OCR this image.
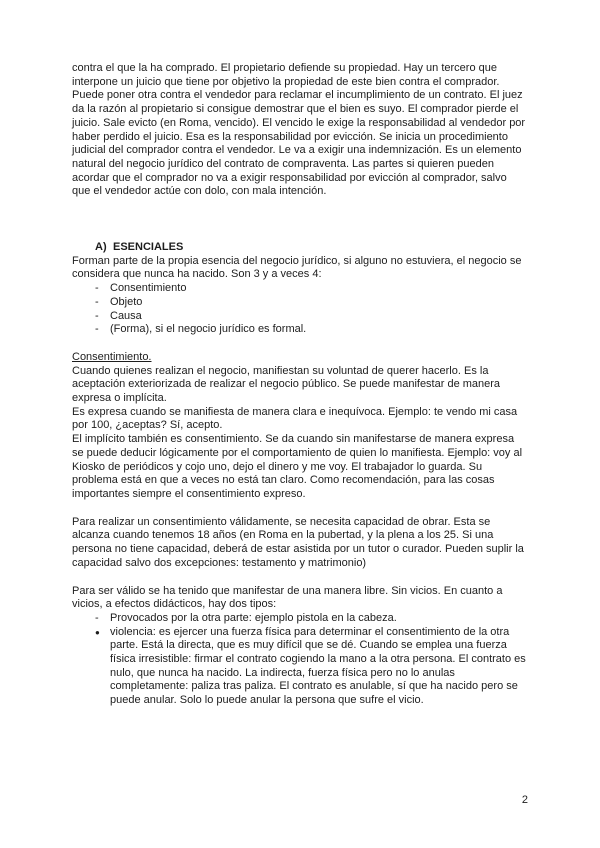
contra el que la ha comprado. El propietario defiende su propiedad. Hay un tercero que interpone un juicio que tiene por objetivo la propiedad de este bien contra el comprador. Puede poner otra contra el vendedor para reclamar el incumplimiento de un contrato. El juez da la razón al propietario si consigue demostrar que el bien es suyo. El comprador pierde el juicio. Sale evicto (en Roma, vencido). El vencido le exige la responsabilidad al vendedor por haber perdido el juicio. Esa es la responsabilidad por evicción. Se inicia un procedimiento judicial del comprador contra el vendedor. Le va a exigir una indemnización. Es un elemento natural del negocio jurídico del contrato de compraventa. Las partes si quieren pueden acordar que el comprador no va a exigir responsabilidad por evicción al comprador, salvo que el vendedor actúe con dolo, con mala intención.

A) ESENCIALES

Forman parte de la propia esencia del negocio jurídico, si alguno no estuviera, el negocio se considera que nunca ha nacido. Son 3 y a veces 4:

-	Consentimiento
-	Objeto
-	Causa
-	(Forma), si el negocio jurídico es formal.

Consentimiento.

Cuando quienes realizan el negocio, manifiestan su voluntad de querer hacerlo. Es la aceptación exteriorizada de realizar el negocio público. Se puede manifestar de manera expresa o implícita.

Es expresa cuando se manifiesta de manera clara e inequívoca. Ejemplo: te vendo mi casa por 100, ¿aceptas? Sí, acepto.

El implícito también es consentimiento. Se da cuando sin manifestarse de manera expresa se puede deducir lógicamente por el comportamiento de quien lo manifiesta. Ejemplo: voy al Kiosko de periódicos y cojo uno, dejo el dinero y me voy. El trabajador lo guarda. Su problema está en que a veces no está tan claro. Como recomendación, para las cosas importantes siempre el consentimiento expreso.

Para realizar un consentimiento válidamente, se necesita capacidad de obrar. Esta se alcanza cuando tenemos 18 años (en Roma en la pubertad, y la plena a los 25. Si una persona no tiene capacidad, deberá de estar asistida por un tutor o curador. Pueden suplir la capacidad salvo dos excepciones: testamento y matrimonio)

Para ser válido se ha tenido que manifestar de una manera libre. Sin vicios. En cuanto a vicios, a efectos didácticos, hay dos tipos:

-	Provocados por la otra parte: ejemplo pistola en la cabeza.
● violencia: es ejercer una fuerza física para determinar el consentimiento de la otra parte. Está la directa, que es muy difícil que se dé. Cuando se emplea una fuerza física irresistible: firmar el contrato cogiendo la mano a la otra persona. El contrato es nulo, que nunca ha nacido. La indirecta, fuerza física pero no lo anulas completamente: paliza tras paliza. El contrato es anulable, sí que ha nacido pero se puede anular. Solo lo puede anular la persona que sufre el vicio.
2
